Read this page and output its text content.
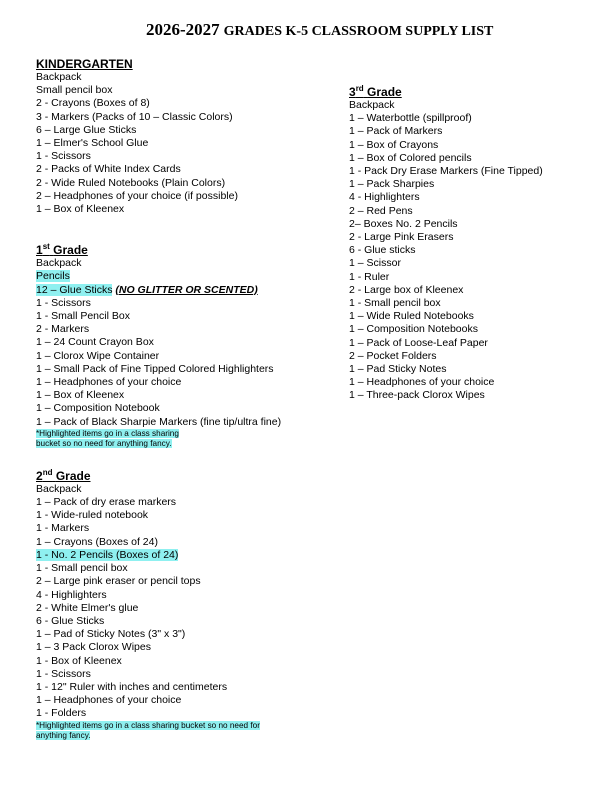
2026-2027 GRADES K-5 CLASSROOM SUPPLY LIST
KINDERGARTEN
Backpack
Small pencil box
2 - Crayons (Boxes of 8)
3 - Markers (Packs of 10 – Classic Colors)
6 – Large Glue Sticks
1 – Elmer's School Glue
1 - Scissors
2 - Packs of White Index Cards
2 - Wide Ruled Notebooks (Plain Colors)
2 – Headphones of your choice (if possible)
1 – Box of Kleenex
1st Grade
Backpack
Pencils
12 – Glue Sticks (NO GLITTER OR SCENTED)
1 - Scissors
1 - Small Pencil Box
2 - Markers
1 – 24 Count Crayon Box
1 – Clorox Wipe Container
1 – Small Pack of Fine Tipped Colored Highlighters
1 – Headphones of your choice
1 – Box of Kleenex
1 – Composition Notebook
1 – Pack of Black Sharpie Markers (fine tip/ultra fine)
*Highlighted items go in a class sharing
bucket so no need for anything fancy.
2nd Grade
Backpack
1 – Pack of dry erase markers
1 - Wide-ruled notebook
1 - Markers
1 – Crayons (Boxes of 24)
1 - No. 2 Pencils (Boxes of 24)
1 - Small pencil box
2 – Large pink eraser or pencil tops
4 - Highlighters
2 - White Elmer's glue
6 - Glue Sticks
1 – Pad of Sticky Notes (3" x 3")
1 – 3 Pack Clorox Wipes
1 - Box of Kleenex
1 - Scissors
1 - 12" Ruler with inches and centimeters
1 – Headphones of your choice
1 - Folders
*Highlighted items go in a class sharing bucket so no need for
anything fancy.
3rd Grade
Backpack
1 – Waterbottle (spillproof)
1 – Pack of Markers
1 – Box of Crayons
1 – Box of Colored pencils
1 - Pack Dry Erase Markers (Fine Tipped)
1 – Pack Sharpies
4 - Highlighters
2 – Red Pens
2– Boxes No. 2 Pencils
2 - Large Pink Erasers
6 - Glue sticks
1 – Scissor
1 - Ruler
2 - Large box of Kleenex
1 - Small pencil box
1 – Wide Ruled Notebooks
1 – Composition Notebooks
1 – Pack of Loose-Leaf Paper
2 – Pocket Folders
1 – Pad Sticky Notes
1 – Headphones of your choice
1 – Three-pack Clorox Wipes
